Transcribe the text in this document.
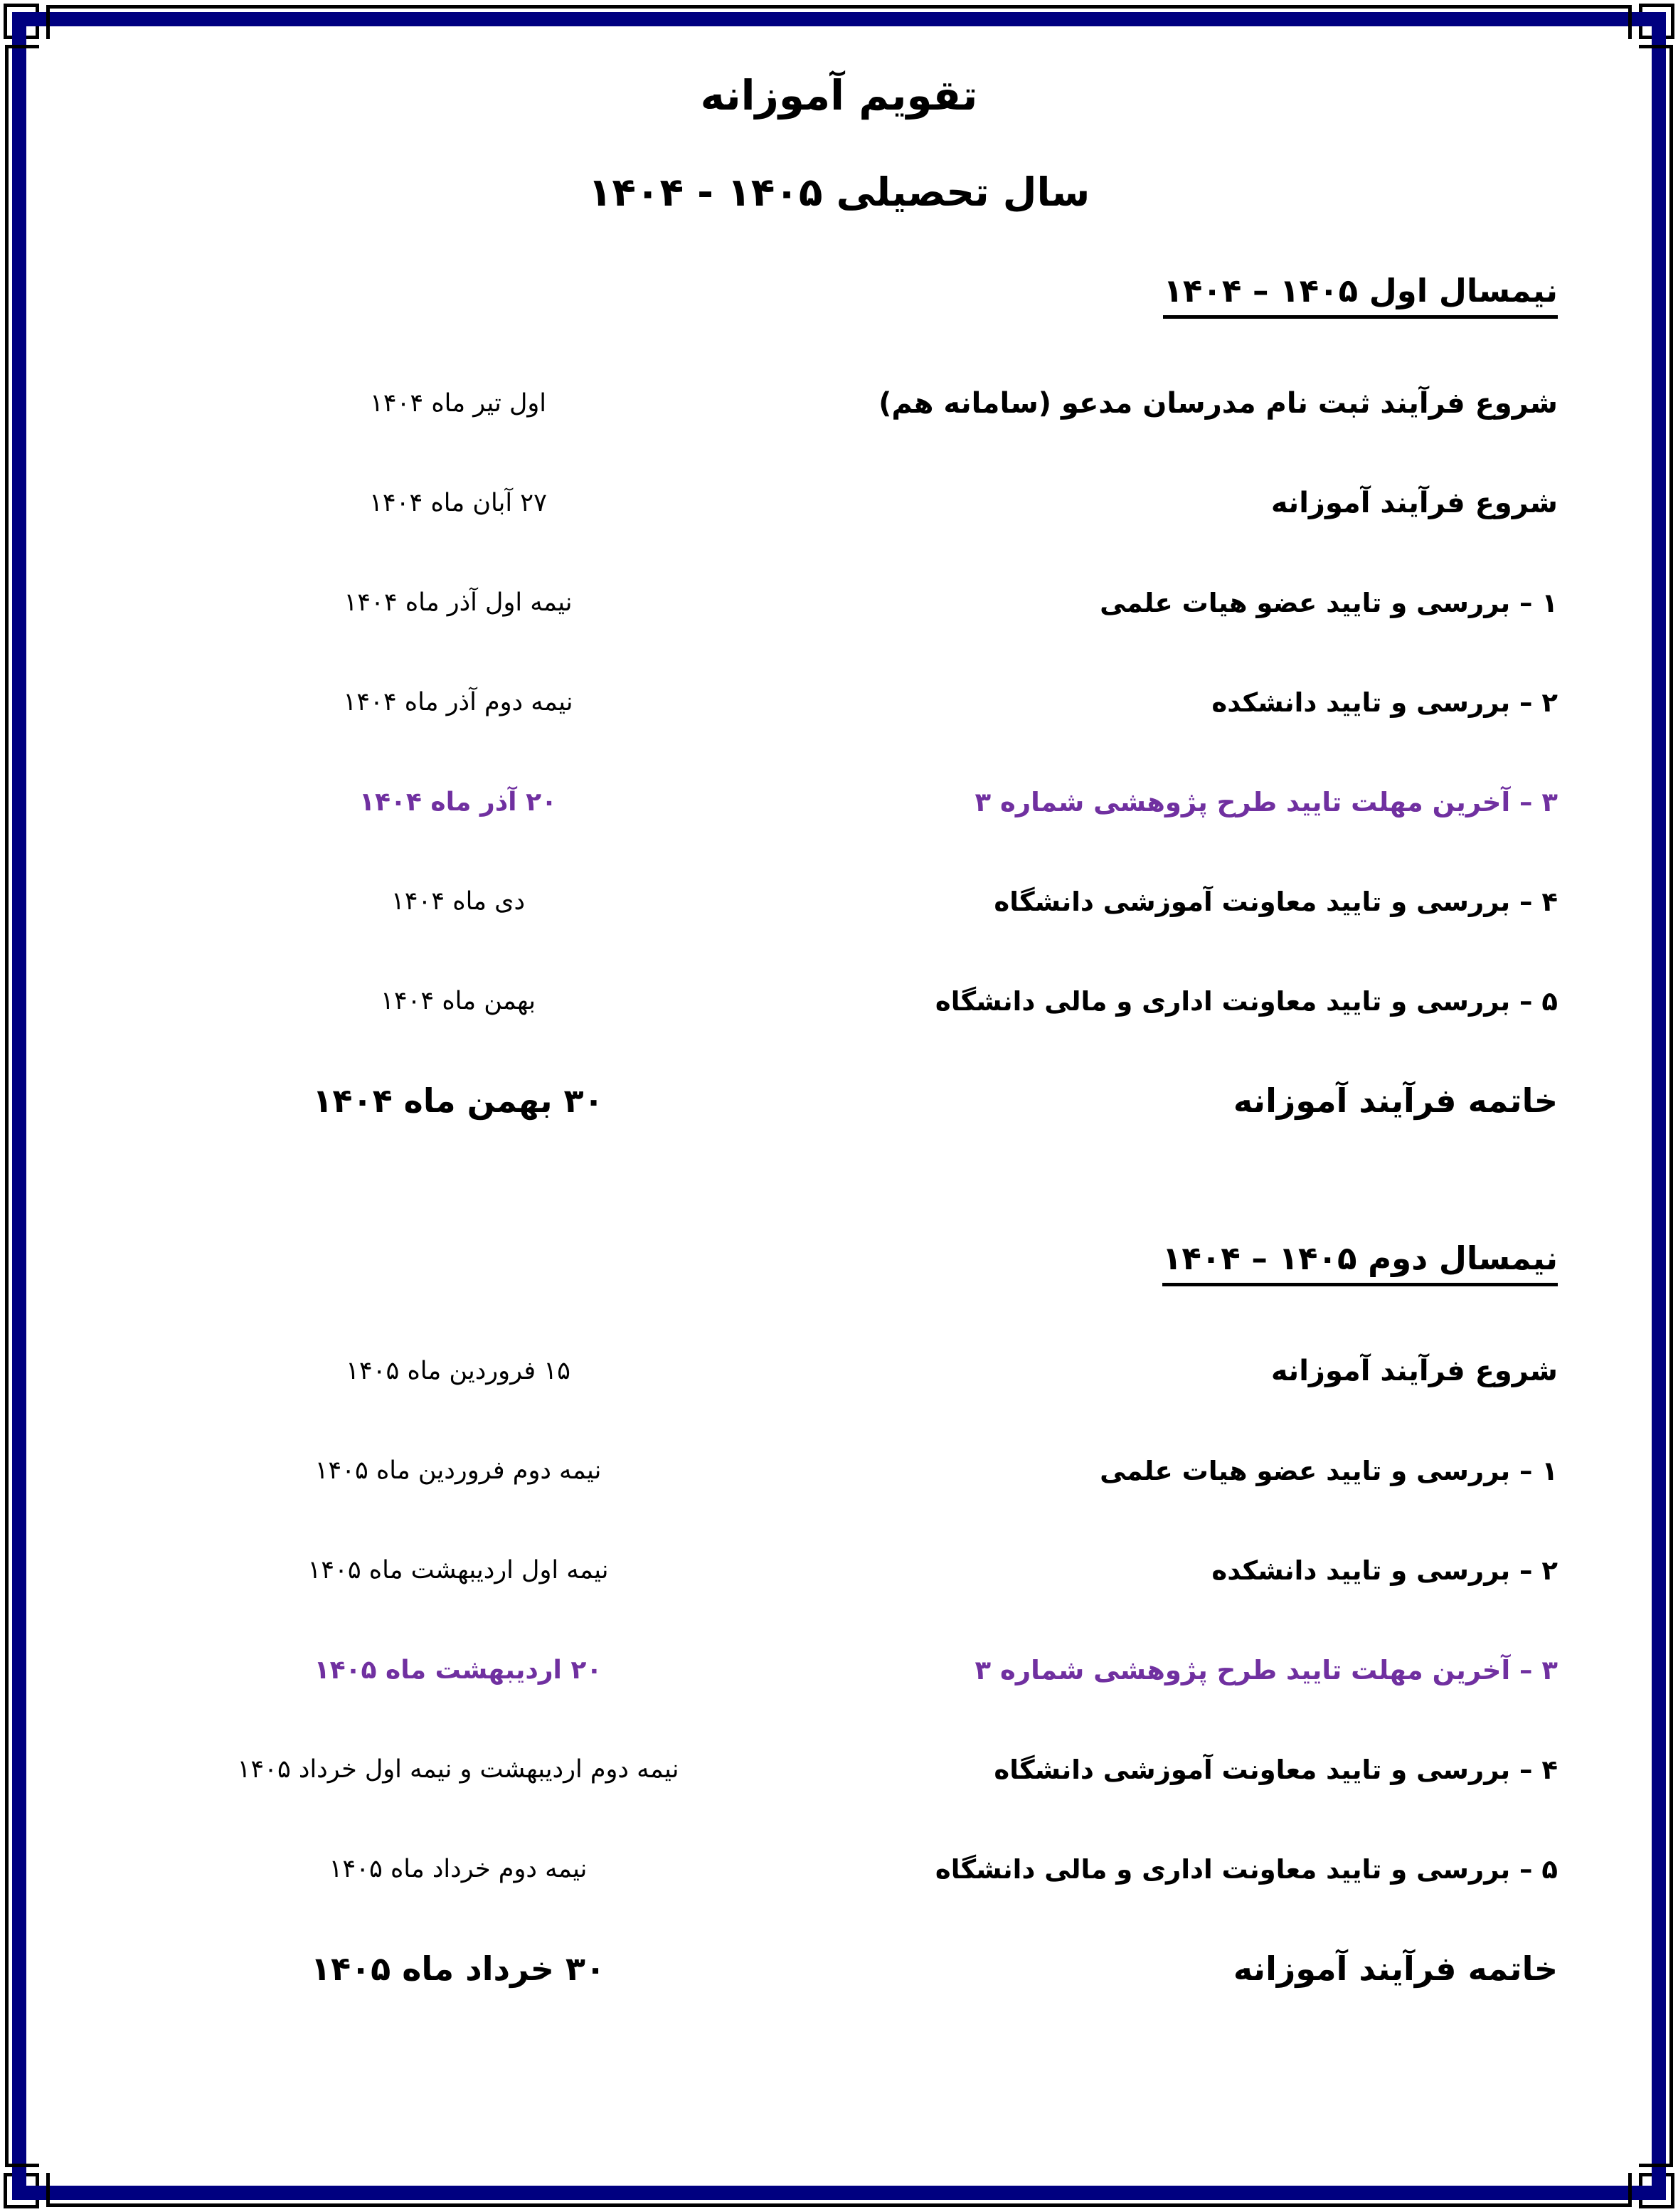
تقویم آموزانه
سال تحصیلی ۱۴۰۵ - ۱۴۰۴
نیمسال اول ۱۴۰۵ – ۱۴۰۴
شروع فرآیند ثبت نام مدرسان مدعو (سامانه هم)
اول تیر ماه ۱۴۰۴
شروع فرآیند آموزانه
۲۷ آبان ماه ۱۴۰۴
۱ – بررسی و تایید عضو هیات علمی
نیمه اول آذر ماه ۱۴۰۴
۲ – بررسی و تایید دانشکده
نیمه دوم آذر ماه ۱۴۰۴
۳ – آخرین مهلت تایید طرح پژوهشی شماره ۳
۲۰ آذر ماه ۱۴۰۴
۴ – بررسی و تایید معاونت آموزشی دانشگاه
دی ماه ۱۴۰۴
۵ – بررسی و تایید معاونت اداری و مالی دانشگاه
بهمن ماه ۱۴۰۴
خاتمه فرآیند آموزانه
۳۰ بهمن ماه ۱۴۰۴
نیمسال دوم ۱۴۰۵ – ۱۴۰۴
شروع فرآیند آموزانه
۱۵ فروردین ماه ۱۴۰۵
۱ – بررسی و تایید عضو هیات علمی
نیمه دوم فروردین ماه ۱۴۰۵
۲ – بررسی و تایید دانشکده
نیمه اول اردیبهشت ماه ۱۴۰۵
۳ – آخرین مهلت تایید طرح پژوهشی شماره ۳
۲۰ اردیبهشت ماه ۱۴۰۵
۴ – بررسی و تایید معاونت آموزشی دانشگاه
نیمه دوم اردیبهشت و نیمه اول خرداد ۱۴۰۵
۵ – بررسی و تایید معاونت اداری و مالی دانشگاه
نیمه دوم خرداد ماه ۱۴۰۵
خاتمه فرآیند آموزانه
۳۰ خرداد ماه ۱۴۰۵
